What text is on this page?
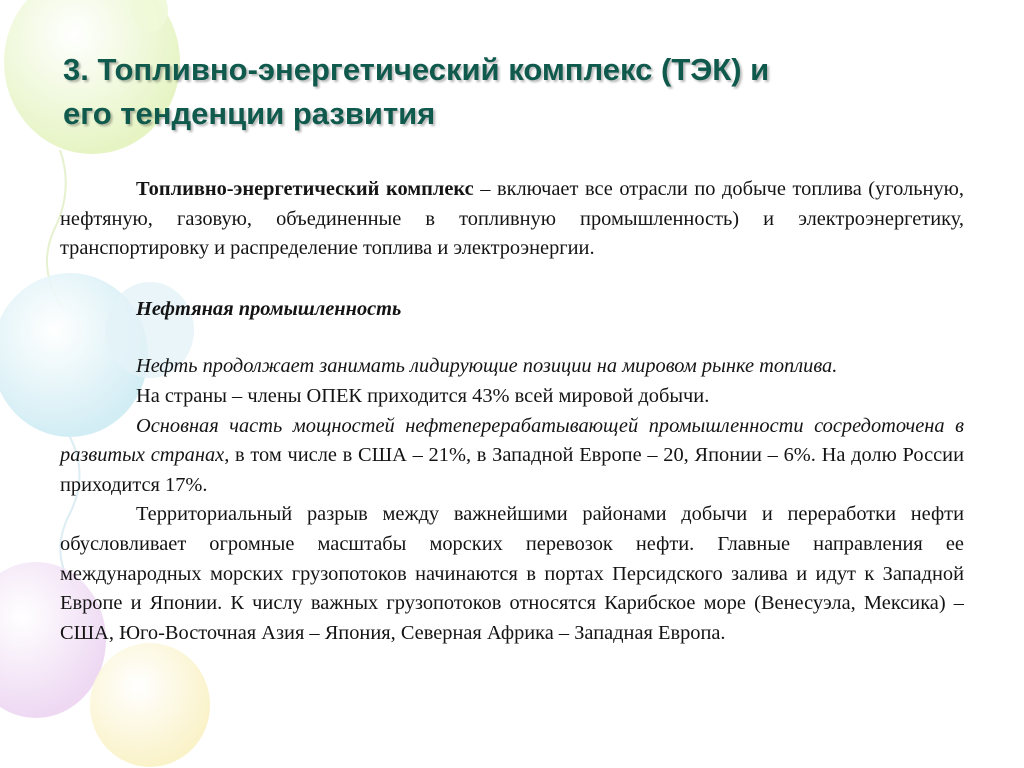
3. Топливно-энергетический комплекс (ТЭК) и
его тенденции развития

Топливно-энергетический комплекс – включает все отрасли по добыче топлива (угольную, нефтяную, газовую, объединенные в топливную промышленность) и электроэнергетику, транспортировку и распределение топлива и электроэнергии.

Нефтяная промышленность

Нефть продолжает занимать лидирующие позиции на мировом рынке топлива.

На страны – члены ОПЕК приходится 43% всей мировой добычи.

Основная часть мощностей нефтеперерабатывающей промышленности сосредоточена в развитых странах, в том числе в США – 21%, в Западной Европе – 20, Японии – 6%. На долю России приходится 17%.

Территориальный разрыв между важнейшими районами добычи и переработки нефти обусловливает огромные масштабы морских перевозок нефти. Главные направления ее международных морских грузопотоков начинаются в портах Персидского залива и идут к Западной Европе и Японии. К числу важных грузопотоков относятся Карибское море (Венесуэла, Мексика) – США, Юго-Восточная Азия – Япония, Северная Африка – Западная Европа.
